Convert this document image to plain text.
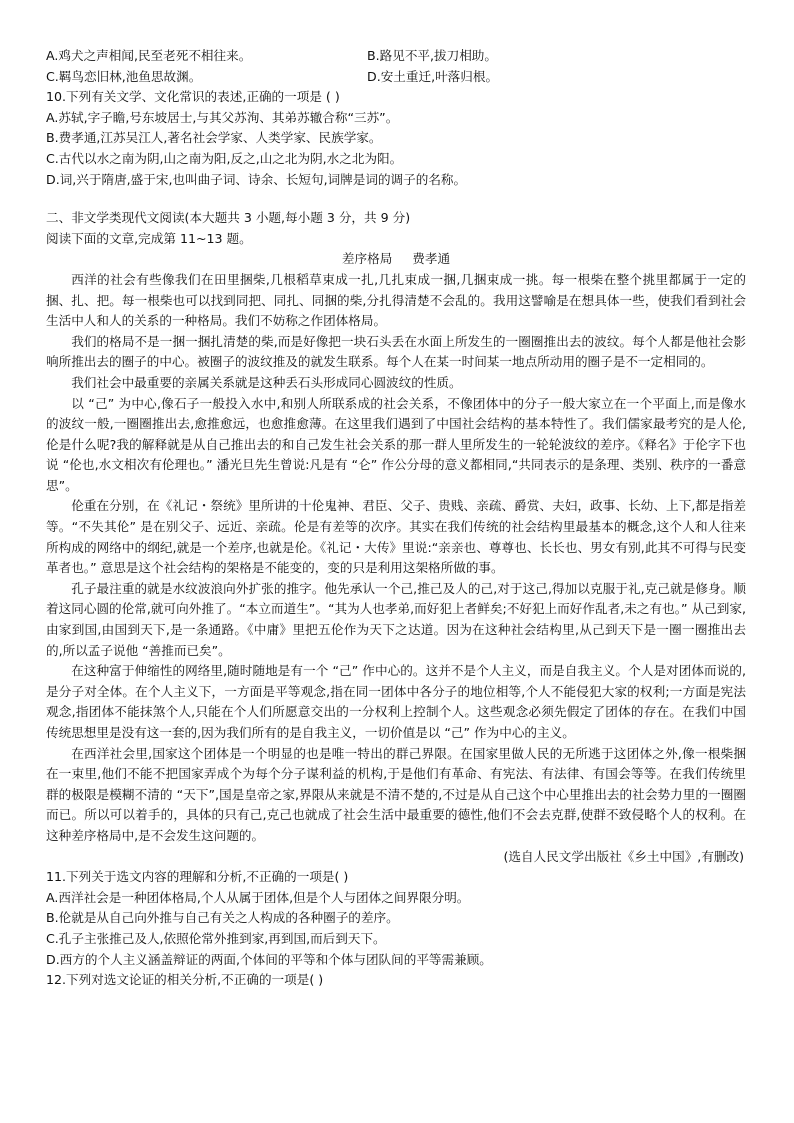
A.鸡犬之声相闻,民至老死不相往来。	B.路见不平,拔刀相助。
C.羁鸟恋旧林,池鱼思故渊。	D.安土重迁,叶落归根。
10.下列有关文学、文化常识的表述,正确的一项是 ( )
A.苏轼,字子瞻,号东坡居士,与其父苏洵、其弟苏辙合称“三苏”。
B.费孝通,江苏吴江人,著名社会学家、人类学家、民族学家。
C.古代以水之南为阴,山之南为阳,反之,山之北为阴,水之北为阳。
D.词,兴于隋唐,盛于宋,也叫曲子词、诗余、长短句,词牌是词的调子的名称。
二、非文学类现代文阅读(本大题共 3 小题,每小题 3 分，共 9 分)
阅读下面的文章,完成第 11~13 题。
差序格局 费孝通

西洋的社会有些像我们在田里捆柴,几根稻草束成一扎,几扎束成一捆,几捆束成一挑。每一根柴在整个挑里都属于一定的捆、扎、把。每一根柴也可以找到同把、同扎、同捆的柴,分扎得清楚不会乱的。我用这譬喻是在想具体一些，使我们看到社会生活中人和人的关系的一种格局。我们不妨称之作团体格局。

我们的格局不是一捆一捆扎清楚的柴,而是好像把一块石头丢在水面上所发生的一圈圈推出去的波纹。每个人都是他社会影响所推出去的圈子的中心。被圈子的波纹推及的就发生联系。每个人在某一时间某一地点所动用的圈子是不一定相同的。

我们社会中最重要的亲属关系就是这种丢石头形成同心圆波纹的性质。

以 “己” 为中心,像石子一般投入水中,和别人所联系成的社会关系，不像团体中的分子一般大家立在一个平面上,而是像水的波纹一般,一圈圈推出去,愈推愈远，也愈推愈薄。在这里我们遇到了中国社会结构的基本特性了。我们儒家最考究的是人伦,伦是什么呢?我的解释就是从自己推出去的和自己发生社会关系的那一群人里所发生的一轮轮波纹的差序。《释名》于伦字下也说 “伦也,水文相次有伦理也。” 潘光旦先生曾说:凡是有 “仑” 作公分母的意义都相同,“共同表示的是条理、类别、秩序的一番意思”。

伦重在分别，在《礼记・祭统》里所讲的十伦鬼神、君臣、父子、贵贱、亲疏、爵赏、夫妇，政事、长幼、上下,都是指差等。“不失其伦” 是在别父子、远近、亲疏。伦是有差等的次序。其实在我们传统的社会结构里最基本的概念,这个人和人往来所构成的网络中的纲纪,就是一个差序,也就是伦。《礼记・大传》里说:“亲亲也、尊尊也、长长也、男女有别,此其不可得与民变革者也。” 意思是这个社会结构的架格是不能变的，变的只是利用这架格所做的事。

孔子最注重的就是水纹波浪向外扩张的推字。他先承认一个己,推己及人的己,对于这己,得加以克服于礼,克己就是修身。顺着这同心圆的伦常,就可向外推了。“本立而道生”。“其为人也孝弟,而好犯上者鲜矣;不好犯上而好作乱者,未之有也。” 从己到家,由家到国,由国到天下,是一条通路。《中庸》里把五伦作为天下之达道。因为在这种社会结构里,从己到天下是一圈一圈推出去的,所以孟子说他 “善推而已矣”。

在这种富于伸缩性的网络里,随时随地是有一个 “己” 作中心的。这并不是个人主义，而是自我主义。个人是对团体而说的,是分子对全体。在个人主义下，一方面是平等观念,指在同一团体中各分子的地位相等,个人不能侵犯大家的权利;一方面是宪法观念,指团体不能抹煞个人,只能在个人们所愿意交出的一分权利上控制个人。这些观念必须先假定了团体的存在。在我们中国传统思想里是没有这一套的,因为我们所有的是自我主义，一切价值是以 “己” 作为中心的主义。

在西洋社会里,国家这个团体是一个明显的也是唯一特出的群己界限。在国家里做人民的无所逃于这团体之外,像一根柴捆在一束里,他们不能不把国家弄成个为每个分子谋利益的机构,于是他们有革命、有宪法、有法律、有国会等等。在我们传统里群的极限是模糊不清的 “天下”,国是皇帝之家,界限从来就是不清不楚的,不过是从自己这个中心里推出去的社会势力里的一圈圈而已。所以可以着手的，具体的只有己,克己也就成了社会生活中最重要的德性,他们不会去克群,使群不致侵略个人的权利。在这种差序格局中,是不会发生这问题的。

(选自人民文学出版社《乡土中国》,有删改)
11.下列关于选文内容的理解和分析,不正确的一项是( )
A.西洋社会是一种团体格局,个人从属于团体,但是个人与团体之间界限分明。
B.伦就是从自己向外推与自己有关之人构成的各种圈子的差序。
C.孔子主张推己及人,依照伦常外推到家,再到国,而后到天下。
D.西方的个人主义涵盖辩证的两面,个体间的平等和个体与团队间的平等需兼顾。
12.下列对选文论证的相关分析,不正确的一项是( )
